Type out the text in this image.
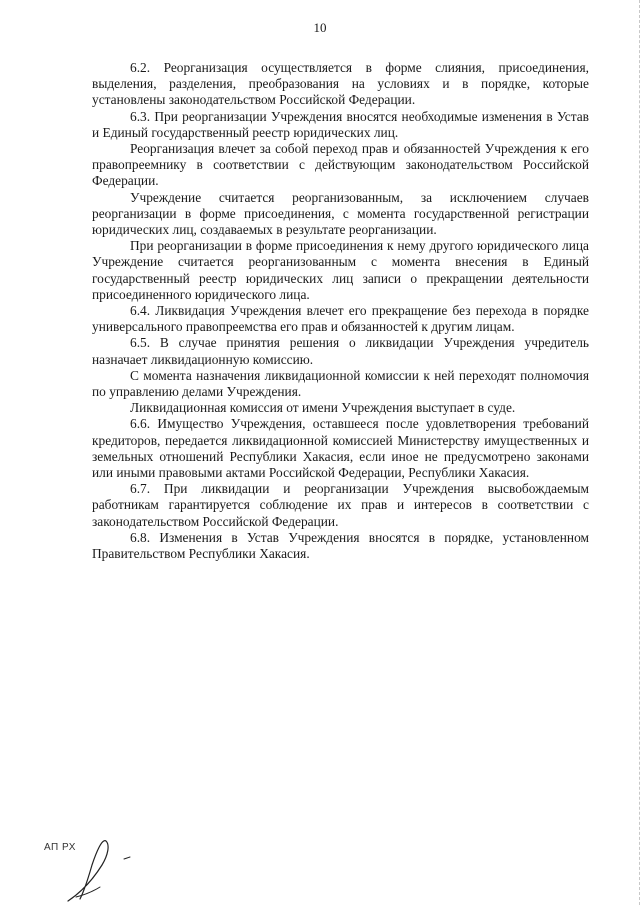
10

6.2. Реорганизация осуществляется в форме слияния, присоединения, выделения, разделения, преобразования на условиях и в порядке, которые установлены законодательством Российской Федерации.

6.3. При реорганизации Учреждения вносятся необходимые изменения в Устав и Единый государственный реестр юридических лиц.

Реорганизация влечет за собой переход прав и обязанностей Учреждения к его правопреемнику в соответствии с действующим законодательством Российской Федерации.

Учреждение считается реорганизованным, за исключением случаев реорганизации в форме присоединения, с момента государственной регистрации юридических лиц, создаваемых в результате реорганизации.

При реорганизации в форме присоединения к нему другого юридического лица Учреждение считается реорганизованным с момента внесения в Единый государственный реестр юридических лиц записи о прекращении деятельности присоединенного юридического лица.

6.4. Ликвидация Учреждения влечет его прекращение без перехода в порядке универсального правопреемства его прав и обязанностей к другим лицам.

6.5. В случае принятия решения о ликвидации Учреждения учредитель назначает ликвидационную комиссию.

С момента назначения ликвидационной комиссии к ней переходят полномочия по управлению делами Учреждения.

Ликвидационная комиссия от имени Учреждения выступает в суде.

6.6. Имущество Учреждения, оставшееся после удовлетворения требований кредиторов, передается ликвидационной комиссией Министерству имущественных и земельных отношений Республики Хакасия, если иное не предусмотрено законами или иными правовыми актами Российской Федерации, Республики Хакасия.

6.7. При ликвидации и реорганизации Учреждения высвобождаемым работникам гарантируется соблюдение их прав и интересов в соответствии с законодательством Российской Федерации.

6.8. Изменения в Устав Учреждения вносятся в порядке, установленном Правительством Республики Хакасия.

АП РХ
